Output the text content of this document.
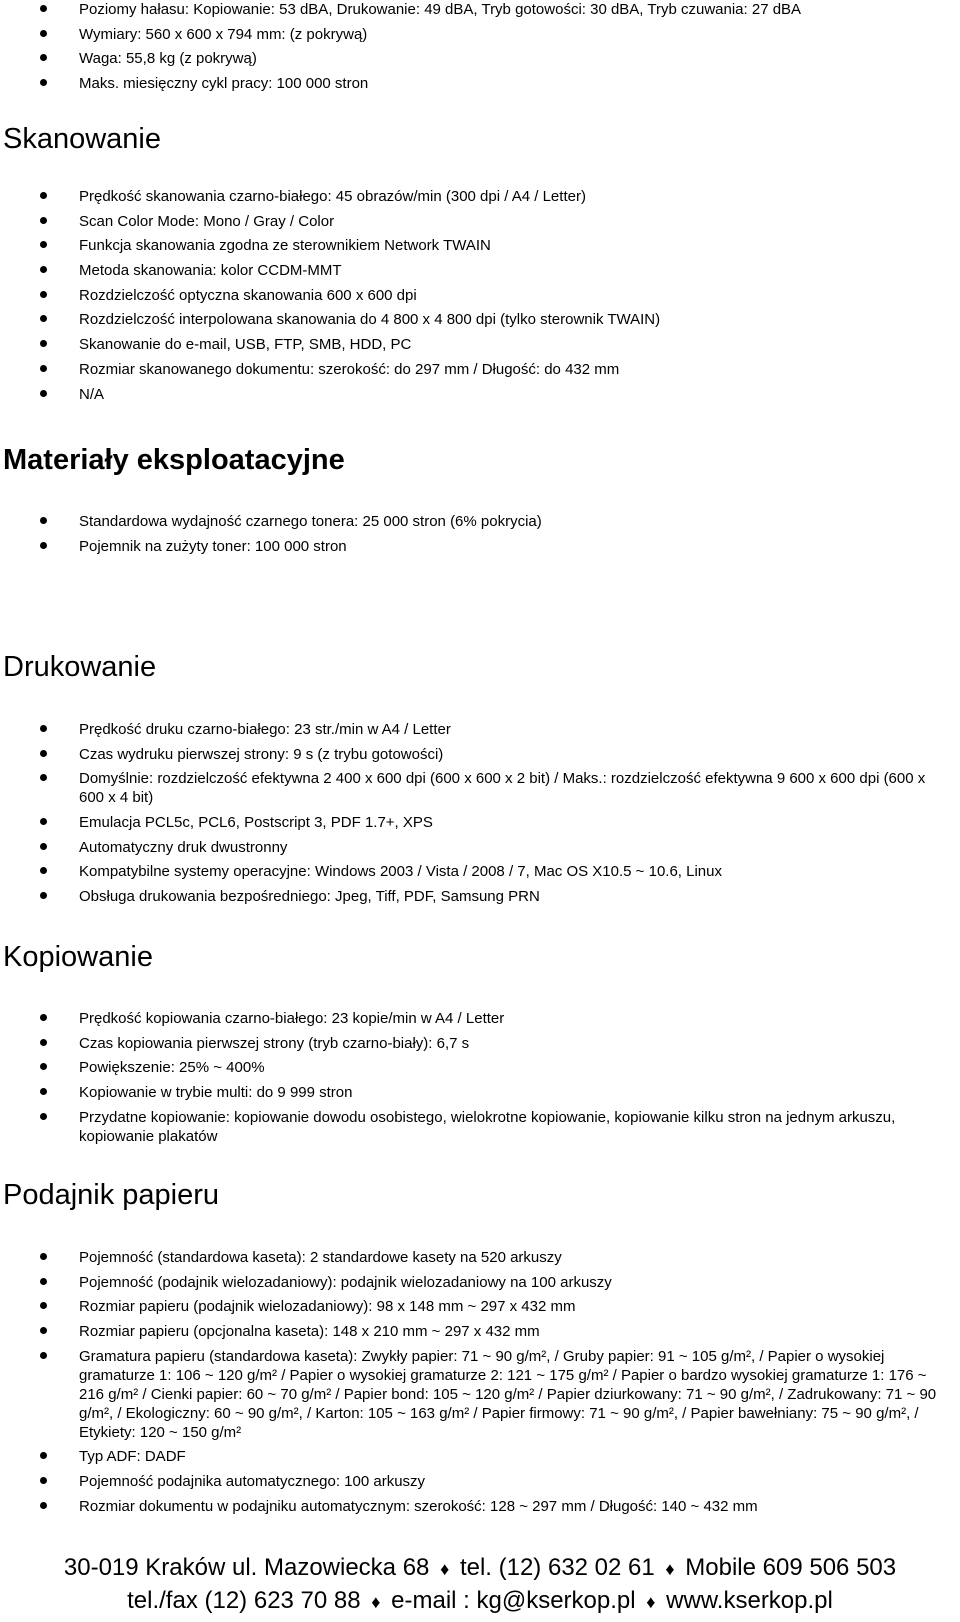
Poziomy hałasu: Kopiowanie: 53 dBA, Drukowanie: 49 dBA, Tryb gotowości: 30 dBA, Tryb czuwania: 27 dBA
Wymiary: 560 x 600 x 794 mm: (z pokrywą)
Waga: 55,8 kg (z pokrywą)
Maks. miesięczny cykl pracy: 100 000 stron
Skanowanie
Prędkość skanowania czarno-białego: 45 obrazów/min (300 dpi / A4 / Letter)
Scan Color Mode: Mono / Gray / Color
Funkcja skanowania zgodna ze sterownikiem Network TWAIN
Metoda skanowania: kolor CCDM-MMT
Rozdzielczość optyczna skanowania 600 x 600 dpi
Rozdzielczość interpolowana skanowania do 4 800 x 4 800 dpi (tylko sterownik TWAIN)
Skanowanie do e-mail, USB, FTP, SMB, HDD, PC
Rozmiar skanowanego dokumentu: szerokość: do 297 mm / Długość: do 432 mm
N/A
Materiały eksploatacyjne
Standardowa wydajność czarnego tonera: 25 000 stron (6% pokrycia)
Pojemnik na zużyty toner: 100 000 stron
Drukowanie
Prędkość druku czarno-białego: 23 str./min w A4 / Letter
Czas wydruku pierwszej strony: 9 s (z trybu gotowości)
Domyślnie: rozdzielczość efektywna 2 400 x 600 dpi (600 x 600 x 2 bit) / Maks.: rozdzielczość efektywna 9 600 x 600 dpi (600 x 600 x 4 bit)
Emulacja PCL5c, PCL6, Postscript 3, PDF 1.7+, XPS
Automatyczny druk dwustronny
Kompatybilne systemy operacyjne: Windows 2003 / Vista / 2008 / 7, Mac OS X10.5 ~ 10.6, Linux
Obsługa drukowania bezpośredniego: Jpeg, Tiff, PDF, Samsung PRN
Kopiowanie
Prędkość kopiowania czarno-białego: 23 kopie/min w A4 / Letter
Czas kopiowania pierwszej strony (tryb czarno-biały): 6,7 s
Powiększenie: 25% ~ 400%
Kopiowanie w trybie multi: do 9 999 stron
Przydatne kopiowanie: kopiowanie dowodu osobistego, wielokrotne kopiowanie, kopiowanie kilku stron na jednym arkuszu, kopiowanie plakatów
Podajnik papieru
Pojemność (standardowa kaseta): 2 standardowe kasety na 520 arkuszy
Pojemność (podajnik wielozadaniowy): podajnik wielozadaniowy na 100 arkuszy
Rozmiar papieru (podajnik wielozadaniowy): 98 x 148 mm ~ 297 x 432 mm
Rozmiar papieru (opcjonalna kaseta): 148 x 210 mm ~ 297 x 432 mm
Gramatura papieru (standardowa kaseta): Zwykły papier: 71 ~ 90 g/m², / Gruby papier: 91 ~ 105 g/m², / Papier o wysokiej gramaturze 1: 106 ~ 120 g/m² / Papier o wysokiej gramaturze 2: 121 ~ 175 g/m² / Papier o bardzo wysokiej gramaturze 1: 176 ~ 216 g/m² / Cienki papier: 60 ~ 70 g/m² / Papier bond: 105 ~ 120 g/m² / Papier dziurkowany: 71 ~ 90 g/m², / Zadrukowany: 71 ~ 90 g/m², / Ekologiczny: 60 ~ 90 g/m², / Karton: 105 ~ 163 g/m² / Papier firmowy: 71 ~ 90 g/m², / Papier bawełniany: 75 ~ 90 g/m², / Etykiety: 120 ~ 150 g/m²
Typ ADF: DADF
Pojemność podajnika automatycznego: 100 arkuszy
Rozmiar dokumentu w podajniku automatycznym: szerokość: 128 ~ 297 mm / Długość: 140 ~ 432 mm
30-019 Kraków ul. Mazowiecka 68 ♦ tel. (12) 632 02 61 ♦ Mobile 609 506 503
tel./fax (12) 623 70 88 ♦ e-mail : kg@kserkop.pl ♦ www.kserkop.pl
